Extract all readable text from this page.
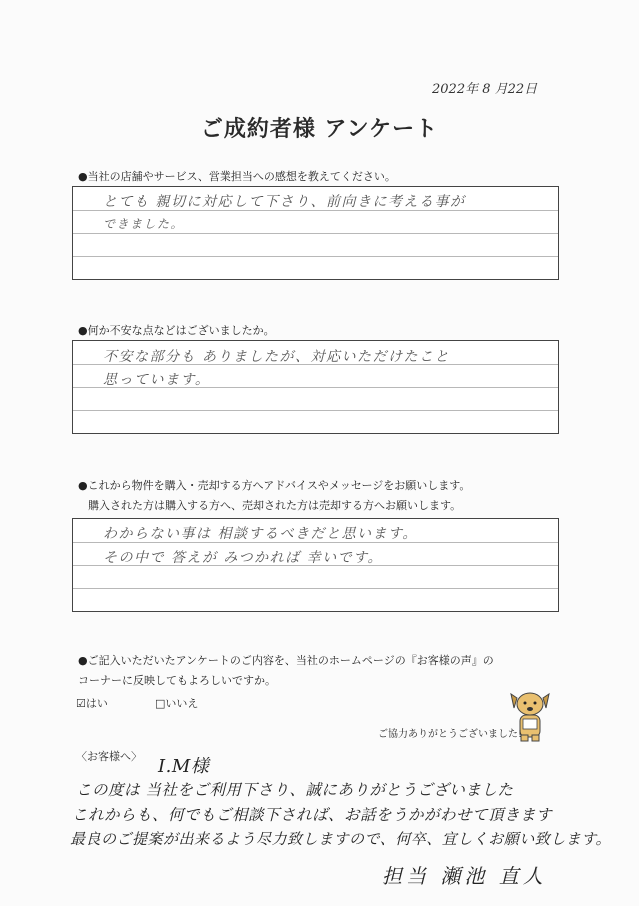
2022年 8 月22日
ご成約者様 アンケート
●当社の店舗やサービス、営業担当への感想を教えてください。
とても 親切に対応して下さり、前向きに考える事が
できました。
●何か不安な点などはございましたか。
不安な部分も ありましたが、対応いただけたこと
思っています。
●これから物件を購入・売却する方へアドバイスやメッセージをお願いします。
購入された方は購入する方へ、売却された方は売却する方へお願いします。
わからない事は 相談するべきだと思います。
その中で 答えが みつかれば 幸いです。
●ご記入いただいたアンケートのご内容を、当社のホームページの『お客様の声』の
コーナーに反映してもよろしいですか。
☑はい	□いいえ
ご協力ありがとうございました!
〈お客様へ〉 I.M様
この度は 当社をご利用下さり、誠にありがとうございました
これからも、何でもご相談下されば、お話をうかがわせて頂きます
最良のご提案が出来るよう尽力致しますので、何卒、宜しくお願い致します。
担当 瀬池 直人
